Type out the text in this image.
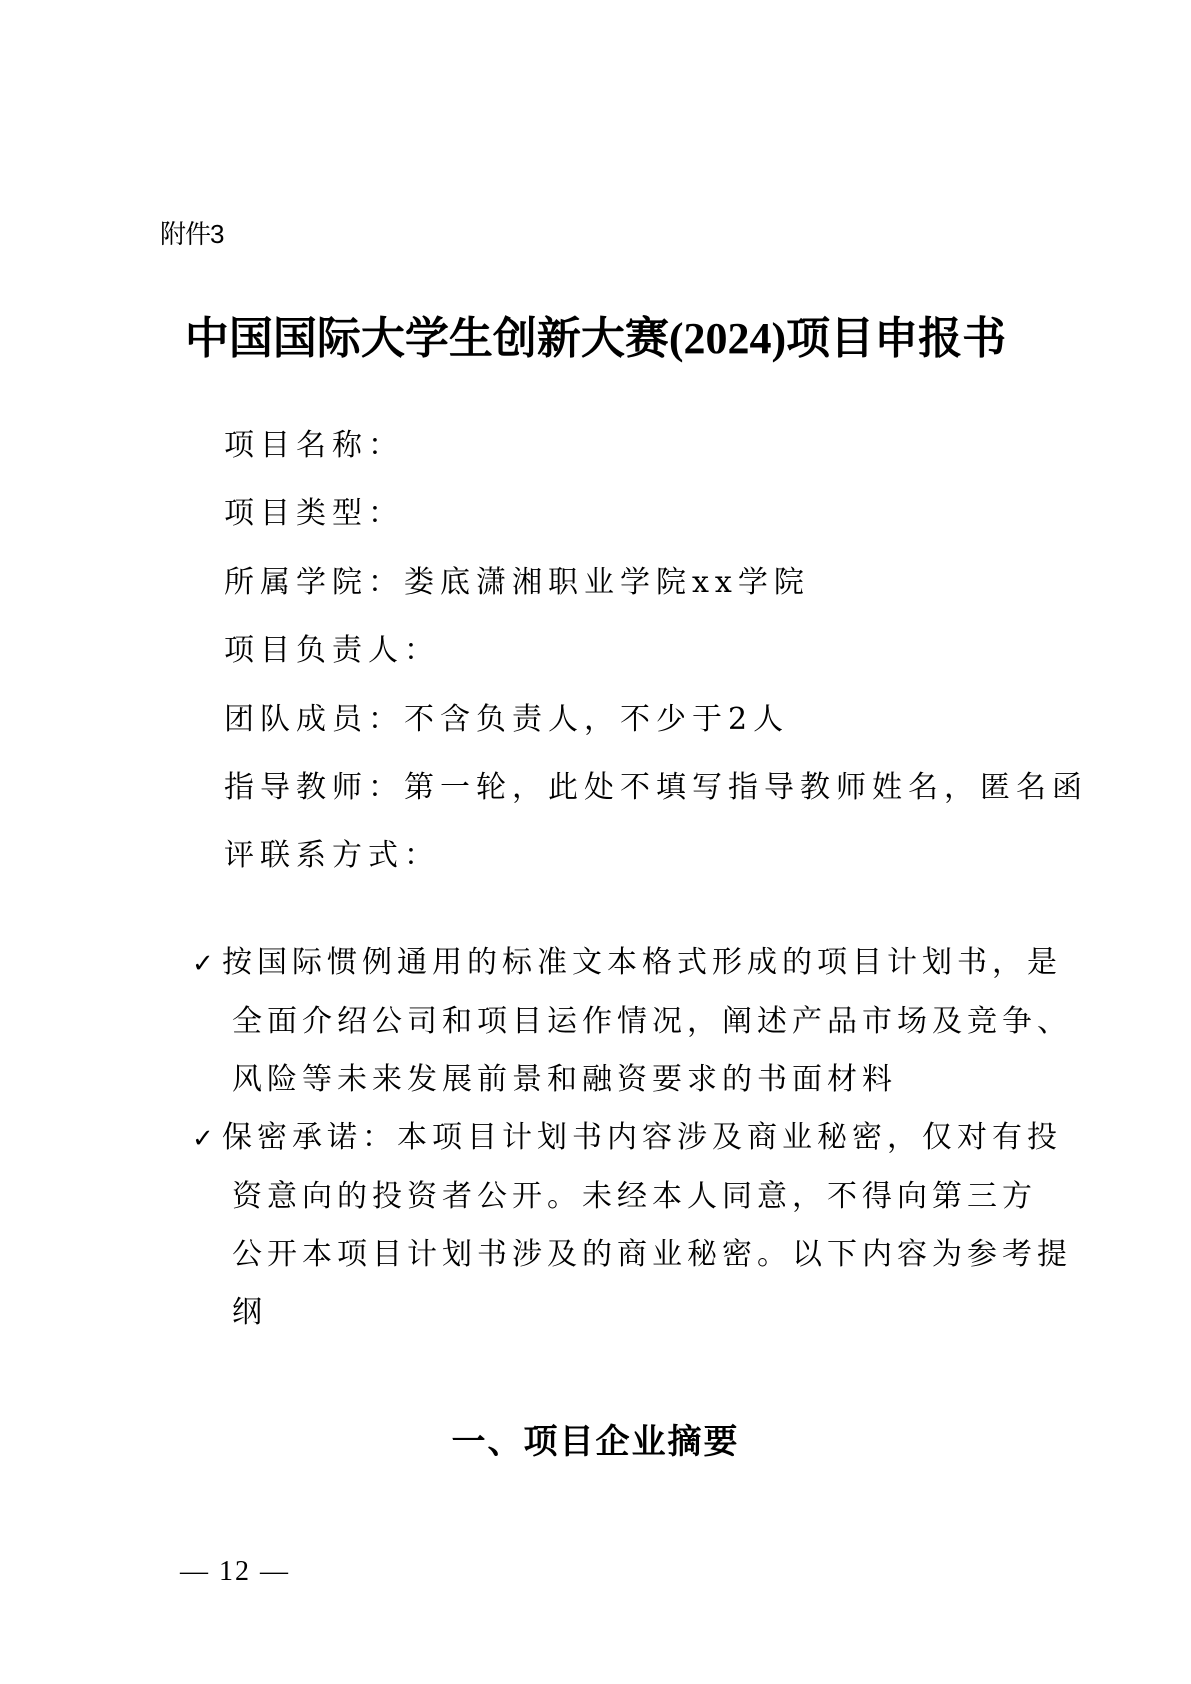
附件3
中国国际大学生创新大赛(2024)项目申报书
项目名称：
项目类型：
所属学院：娄底潇湘职业学院xx学院
项目负责人：
团队成员：不含负责人，不少于2人
指导教师：第一轮，此处不填写指导教师姓名，匿名函
评联系方式：
✓ 按国际惯例通用的标准文本格式形成的项目计划书，是
全面介绍公司和项目运作情况，阐述产品市场及竞争、
风险等未来发展前景和融资要求的书面材料
✓ 保密承诺：本项目计划书内容涉及商业秘密，仅对有投
资意向的投资者公开。未经本人同意，不得向第三方
公开本项目计划书涉及的商业秘密。以下内容为参考提
纲
一、项目企业摘要
— 12 —
